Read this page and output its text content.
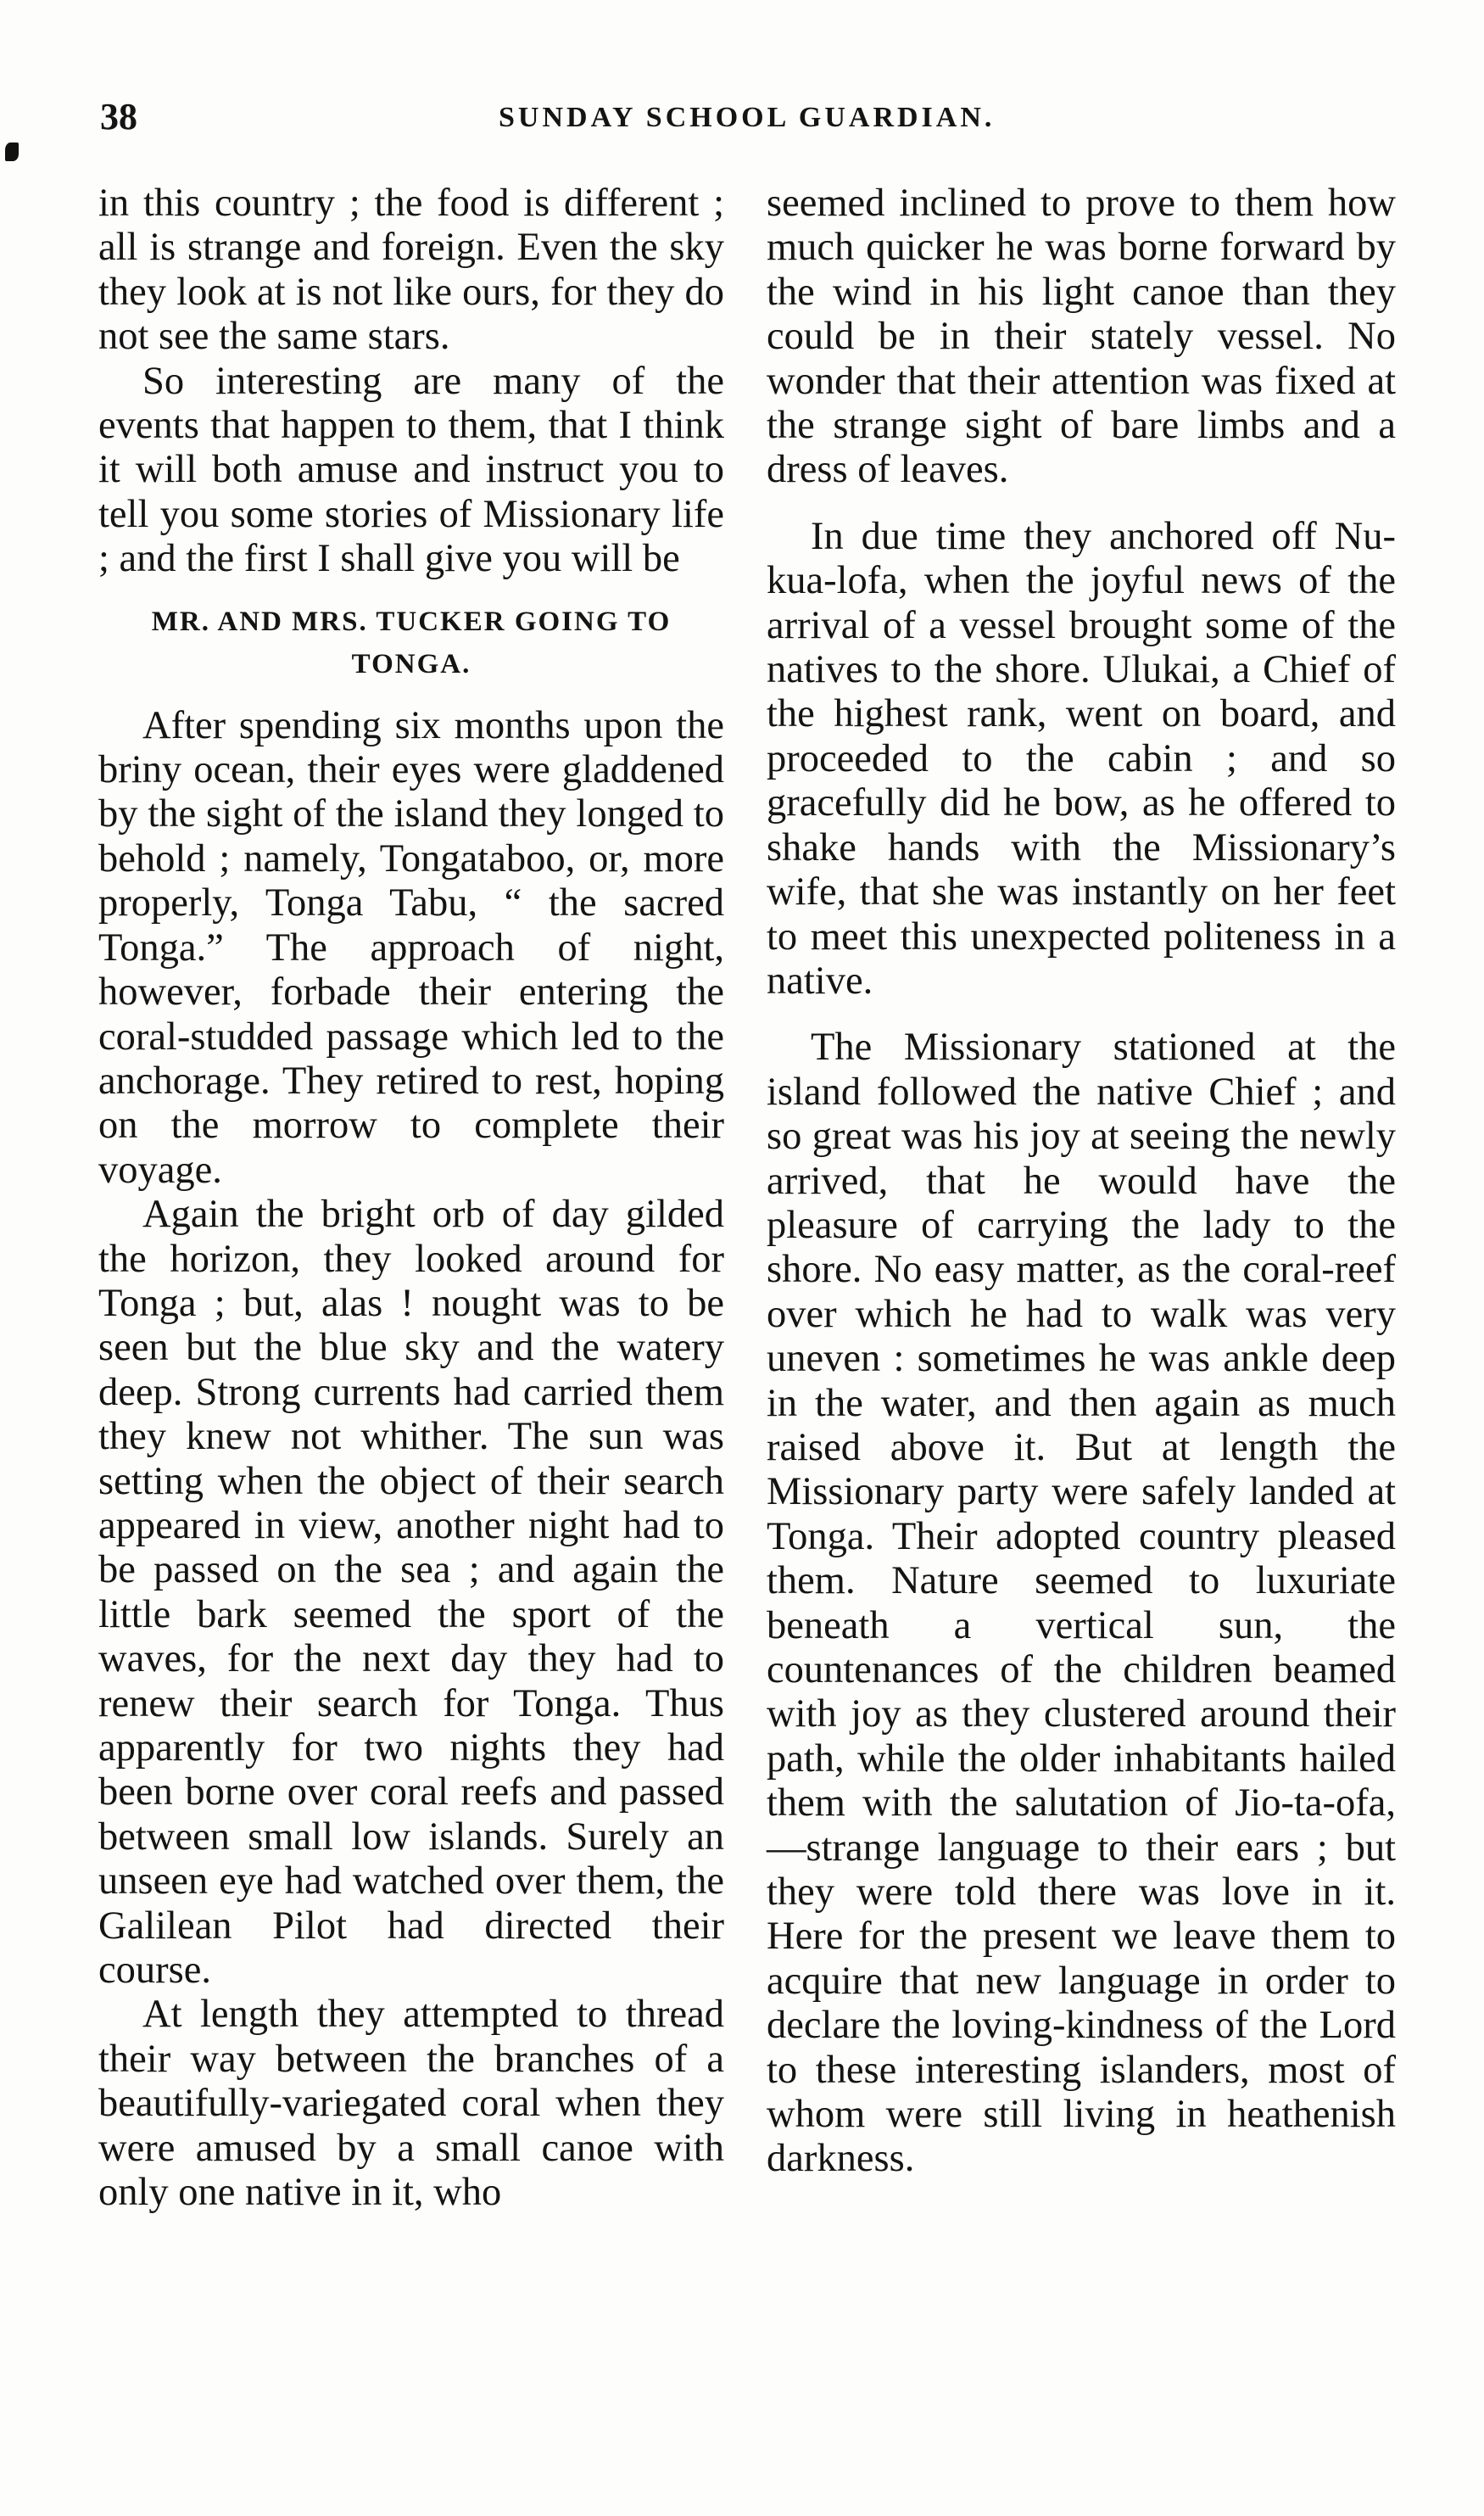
38	SUNDAY SCHOOL GUARDIAN.

in this country ; the food is different ; all is strange and foreign. Even the sky they look at is not like ours, for they do not see the same stars.

So interesting are many of the events that happen to them, that I think it will both amuse and instruct you to tell you some stories of Missionary life ; and the first I shall give you will be

MR. AND MRS. TUCKER GOING TO
TONGA.

After spending six months upon the briny ocean, their eyes were gladdened by the sight of the island they longed to behold ; namely, Tongataboo, or, more properly, Tonga Tabu, “ the sacred Tonga.” The approach of night, however, forbade their entering the coral-studded passage which led to the anchorage. They retired to rest, hoping on the morrow to complete their voyage.

Again the bright orb of day gilded the horizon, they looked around for Tonga ; but, alas ! nought was to be seen but the blue sky and the watery deep. Strong currents had carried them they knew not whither. The sun was setting when the object of their search appeared in view, another night had to be passed on the sea ; and again the little bark seemed the sport of the waves, for the next day they had to renew their search for Tonga. Thus apparently for two nights they had been borne over coral reefs and passed between small low islands. Surely an unseen eye had watched over them, the Galilean Pilot had directed their course.

At length they attempted to thread their way between the branches of a beautifully-variegated coral when they were amused by a small canoe with only one native in it, who

seemed inclined to prove to them how much quicker he was borne forward by the wind in his light canoe than they could be in their stately vessel. No wonder that their attention was fixed at the strange sight of bare limbs and a dress of leaves.

In due time they anchored off Nu-kua-lofa, when the joyful news of the arrival of a vessel brought some of the natives to the shore. Ulukai, a Chief of the highest rank, went on board, and proceeded to the cabin ; and so gracefully did he bow, as he offered to shake hands with the Missionary’s wife, that she was instantly on her feet to meet this unexpected politeness in a native.

The Missionary stationed at the island followed the native Chief ; and so great was his joy at seeing the newly arrived, that he would have the pleasure of carrying the lady to the shore. No easy matter, as the coral-reef over which he had to walk was very uneven : sometimes he was ankle deep in the water, and then again as much raised above it. But at length the Missionary party were safely landed at Tonga. Their adopted country pleased them. Nature seemed to luxuriate beneath a vertical sun, the countenances of the children beamed with joy as they clustered around their path, while the older inhabitants hailed them with the salutation of Jio-ta-ofa,—strange language to their ears ; but they were told there was love in it. Here for the present we leave them to acquire that new language in order to declare the loving-kindness of the Lord to these interesting islanders, most of whom were still living in heathenish darkness.
